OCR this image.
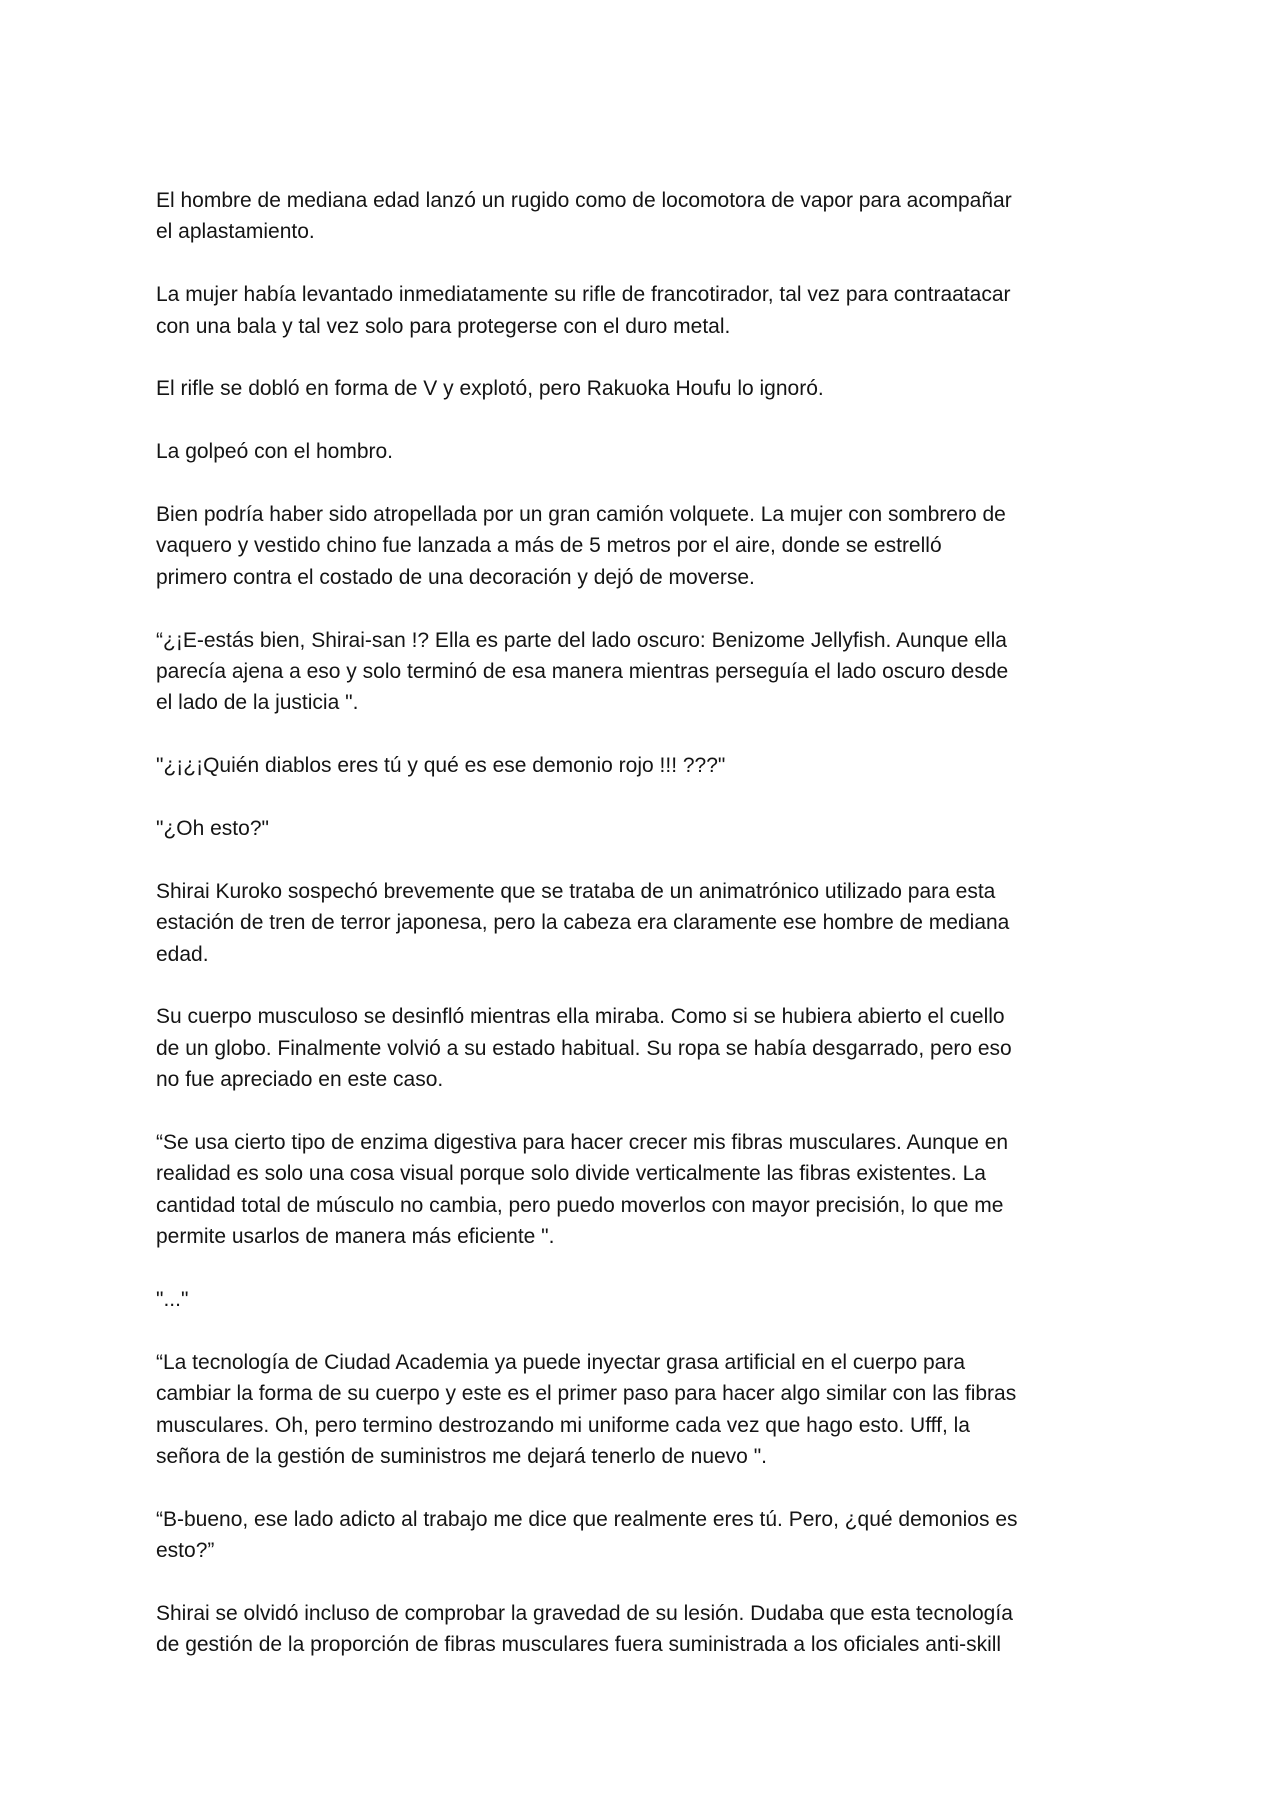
El hombre de mediana edad lanzó un rugido como de locomotora de vapor para acompañar
el aplastamiento.

La mujer había levantado inmediatamente su rifle de francotirador, tal vez para contraatacar
con una bala y tal vez solo para protegerse con el duro metal.

El rifle se dobló en forma de V y explotó, pero Rakuoka Houfu lo ignoró.

La golpeó con el hombro.

Bien podría haber sido atropellada por un gran camión volquete. La mujer con sombrero de
vaquero y vestido chino fue lanzada a más de 5 metros por el aire, donde se estrelló
primero contra el costado de una decoración y dejó de moverse.

“¿¡E-estás bien, Shirai-san !? Ella es parte del lado oscuro: Benizome Jellyfish. Aunque ella
parecía ajena a eso y solo terminó de esa manera mientras perseguía el lado oscuro desde
el lado de la justicia ".

"¿¡¿¡Quién diablos eres tú y qué es ese demonio rojo !!! ???"

"¿Oh esto?"

Shirai Kuroko sospechó brevemente que se trataba de un animatrónico utilizado para esta
estación de tren de terror japonesa, pero la cabeza era claramente ese hombre de mediana
edad.

Su cuerpo musculoso se desinfló mientras ella miraba. Como si se hubiera abierto el cuello
de un globo. Finalmente volvió a su estado habitual. Su ropa se había desgarrado, pero eso
no fue apreciado en este caso.

“Se usa cierto tipo de enzima digestiva para hacer crecer mis fibras musculares. Aunque en
realidad es solo una cosa visual porque solo divide verticalmente las fibras existentes. La
cantidad total de músculo no cambia, pero puedo moverlos con mayor precisión, lo que me
permite usarlos de manera más eficiente ".

"..."

“La tecnología de Ciudad Academia ya puede inyectar grasa artificial en el cuerpo para
cambiar la forma de su cuerpo y este es el primer paso para hacer algo similar con las fibras
musculares. Oh, pero termino destrozando mi uniforme cada vez que hago esto. Ufff, la
señora de la gestión de suministros me dejará tenerlo de nuevo ".

“B-bueno, ese lado adicto al trabajo me dice que realmente eres tú. Pero, ¿qué demonios es
esto?”

Shirai se olvidó incluso de comprobar la gravedad de su lesión. Dudaba que esta tecnología
de gestión de la proporción de fibras musculares fuera suministrada a los oficiales anti-skill
